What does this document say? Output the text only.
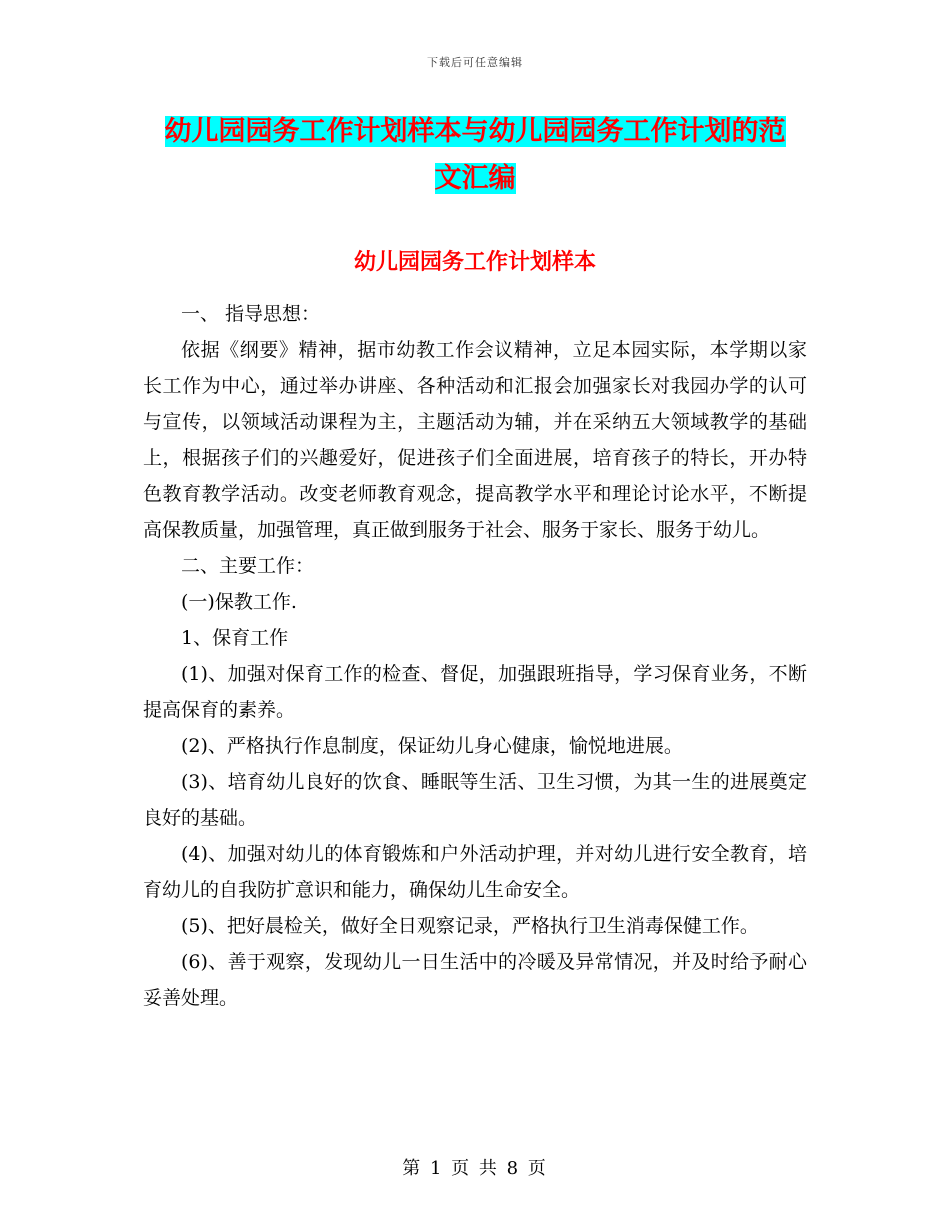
下载后可任意编辑
幼儿园园务工作计划样本与幼儿园园务工作计划的范
文汇编
幼儿园园务工作计划样本

一、 指导思想：

依据《纲要》精神，据市幼教工作会议精神，立足本园实际，本学期以家长工作为中心，通过举办讲座、各种活动和汇报会加强家长对我园办学的认可与宣传，以领域活动课程为主，主题活动为辅，并在采纳五大领域教学的基础上，根据孩子们的兴趣爱好，促进孩子们全面进展，培育孩子的特长，开办特色教育教学活动。改变老师教育观念，提高教学水平和理论讨论水平，不断提高保教质量，加强管理，真正做到服务于社会、服务于家长、服务于幼儿。

二、主要工作：

(一)保教工作.

1、保育工作

(1)、加强对保育工作的检查、督促，加强跟班指导，学习保育业务，不断提高保育的素养。

(2)、严格执行作息制度，保证幼儿身心健康，愉悦地进展。

(3)、培育幼儿良好的饮食、睡眠等生活、卫生习惯，为其一生的进展奠定良好的基础。

(4)、加强对幼儿的体育锻炼和户外活动护理，并对幼儿进行安全教育，培育幼儿的自我防扩意识和能力，确保幼儿生命安全。

(5)、把好晨检关，做好全日观察记录，严格执行卫生消毒保健工作。

(6)、善于观察，发现幼儿一日生活中的冷暖及异常情况，并及时给予耐心妥善处理。

第 1 页 共 8 页
